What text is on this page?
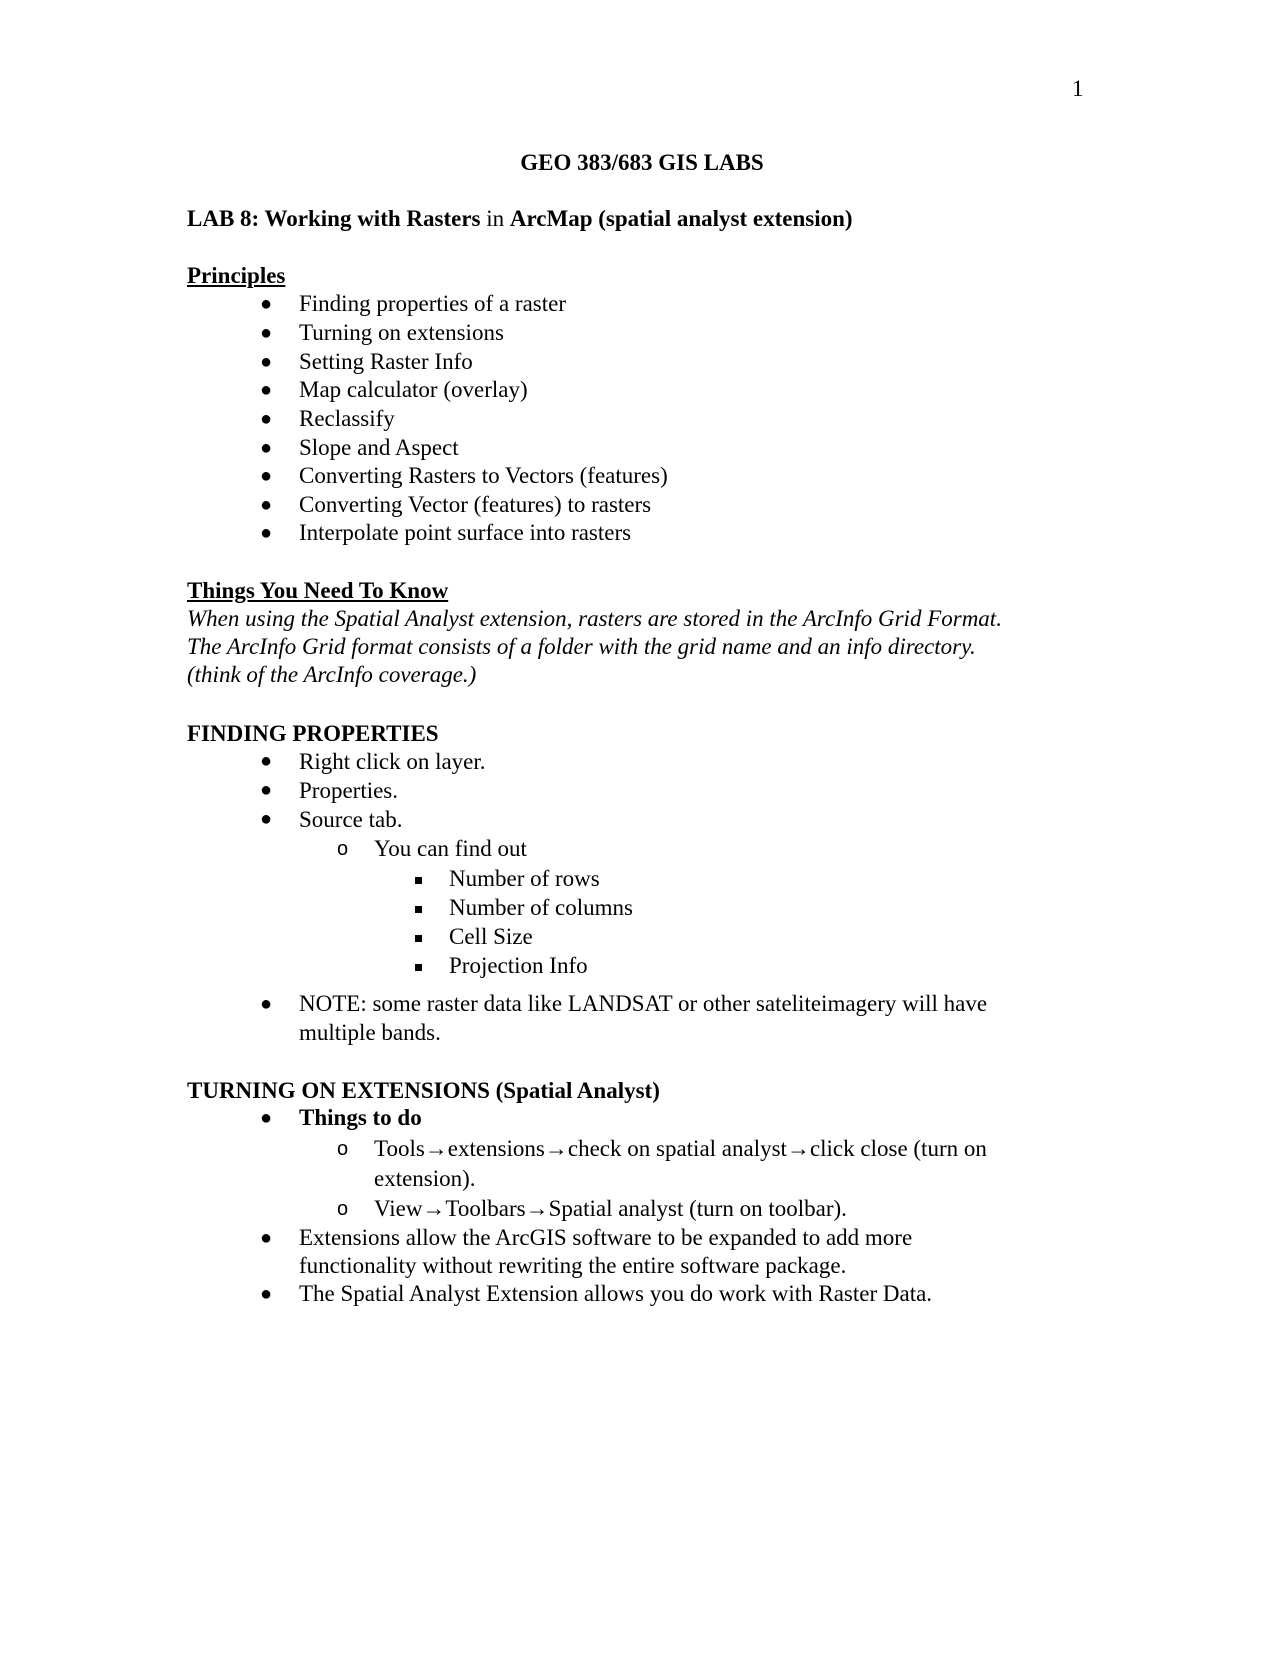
1
GEO 383/683 GIS LABS
LAB 8: Working with Rasters in ArcMap (spatial analyst extension)
Principles
● Finding properties of a raster
● Turning on extensions
● Setting Raster Info
● Map calculator (overlay)
● Reclassify
● Slope and Aspect
● Converting Rasters to Vectors (features)
● Converting Vector (features) to rasters
● Interpolate point surface into rasters
Things You Need To Know
When using the Spatial Analyst extension, rasters are stored in the ArcInfo Grid Format.
The ArcInfo Grid format consists of a folder with the grid name and an info directory.
(think of the ArcInfo coverage.)
FINDING PROPERTIES
● Right click on layer.
● Properties.
● Source tab.
o You can find out
Number of rows
Number of columns
Cell Size
Projection Info
● NOTE: some raster data like LANDSAT or other sateliteimagery will have
multiple bands.
TURNING ON EXTENSIONS (Spatial Analyst)
● Things to do
o Tools→extensions→check on spatial analyst→click close (turn on
extension).
o View→Toolbars→Spatial analyst (turn on toolbar).
● Extensions allow the ArcGIS software to be expanded to add more
functionality without rewriting the entire software package.
● The Spatial Analyst Extension allows you do work with Raster Data.
